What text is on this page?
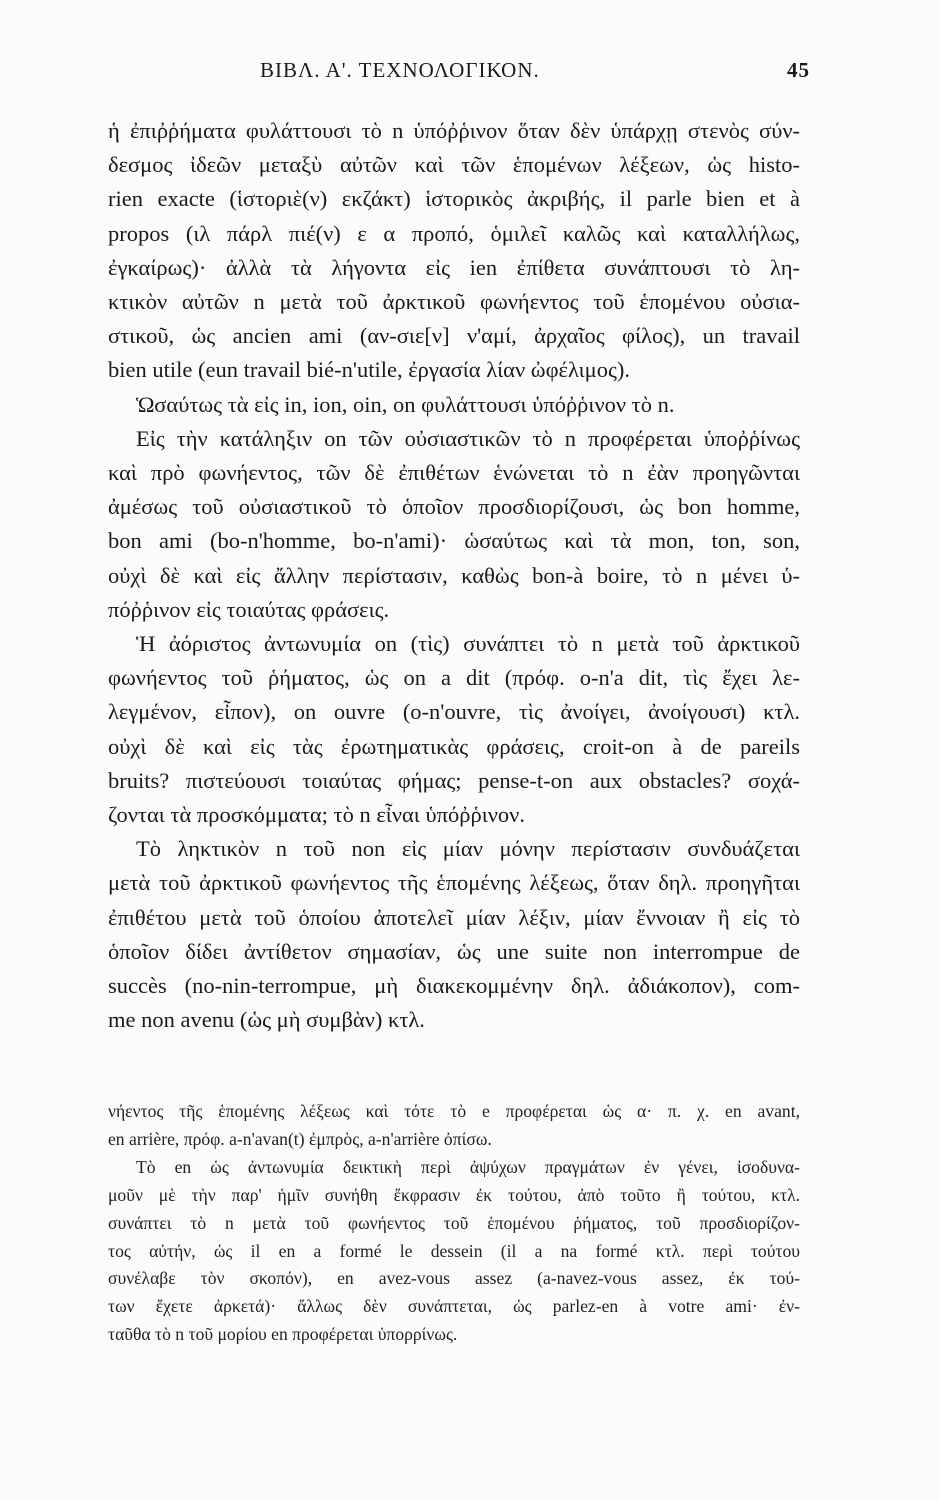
ΒΙΒΛ. Α'. ΤΕΧΝΟΛΟΓΙΚΟΝ.	45
ἡ ἐπιῤῥήματα φυλάττουσι τὸ n ὑπόῤῥινον ὅταν δὲν ὑπάρχῃ στενὸς σύν-
δεσμος ἰδεῶν μεταξὺ αὐτῶν καὶ τῶν ἑπομένων λέξεων, ὡς histo-
rien exacte (ἱστοριὲ(ν) εκζάκτ) ἱστορικὸς ἀκριβής, il parle bien et à
propos (ιλ πάρλ πιέ(ν) ε α προπό, ὁμιλεῖ καλῶς καὶ καταλλήλως,
ἐγκαίρως)· ἀλλὰ τὰ λήγοντα εἰς ien ἐπίθετα συνάπτουσι τὸ λη-
κτικὸν αὐτῶν n μετὰ τοῦ ἀρκτικοῦ φωνήεντος τοῦ ἑπομένου οὐσια-
στικοῦ, ὡς ancien ami (αν-σιε[ν] ν'αμί, ἀρχαῖος φίλος), un travail
bien utile (eun travail bié-n'utile, ἐργασία λίαν ὠφέλιμος).
Ὡσαύτως τὰ εἰς in, ion, oin, on φυλάττουσι ὑπόῤῥινον τὸ n.
Εἰς τὴν κατάληξιν on τῶν οὐσιαστικῶν τὸ n προφέρεται ὑποῤῥίνως
καὶ πρὸ φωνήεντος, τῶν δὲ ἐπιθέτων ἑνώνεται τὸ n ἐὰν προηγῶνται
ἀμέσως τοῦ οὐσιαστικοῦ τὸ ὁποῖον προσδιορίζουσι, ὡς bon homme,
bon ami (bo-n'homme, bo-n'ami)· ὡσαύτως καὶ τὰ mon, ton, son,
οὐχὶ δὲ καὶ εἰς ἄλλην περίστασιν, καθὼς bon-à boire, τὸ n μένει ὑ-
πόῤῥινον εἰς τοιαύτας φράσεις.
Ἡ ἀόριστος ἀντωνυμία on (τὶς) συνάπτει τὸ n μετὰ τοῦ ἀρκτικοῦ
φωνήεντος τοῦ ῥήματος, ὡς on a dit (πρόφ. o-n'a dit, τὶς ἔχει λε-
λεγμένον, εἶπον), on ouvre (o-n'ouvre, τὶς ἀνοίγει, ἀνοίγουσι) κτλ.
οὐχὶ δὲ καὶ εἰς τὰς ἐρωτηματικὰς φράσεις, croit-on à de pareils
bruits? πιστεύουσι τοιαύτας φήμας; pense-t-on aux obstacles? σοχά-
ζονται τὰ προσκόμματα; τὸ n εἶναι ὑπόῤῥινον.
Τὸ ληκτικὸν n τοῦ non εἰς μίαν μόνην περίστασιν συνδυάζεται
μετὰ τοῦ ἀρκτικοῦ φωνήεντος τῆς ἑπομένης λέξεως, ὅταν δηλ. προηγῆται
ἐπιθέτου μετὰ τοῦ ὁποίου ἀποτελεῖ μίαν λέξιν, μίαν ἔννοιαν ἢ εἰς τὸ
ὁποῖον δίδει ἀντίθετον σημασίαν, ὡς une suite non interrompue de
succès (no-nin-terrompue, μὴ διακεκομμένην δηλ. ἀδιάκοπον), com-
me non avenu (ὡς μὴ συμβὰν) κτλ.
νήεντος τῆς ἑπομένης λέξεως καὶ τότε τὸ e προφέρεται ὡς α· π. χ. en avant,
en arrière, πρόφ. a-n'avan(t) ἐμπρὸς, a-n'arrière ὀπίσω.
Τὸ en ὡς ἀντωνυμία δεικτικὴ περὶ ἀψύχων πραγμάτων ἐν γένει, ἰσοδυνα-
μοῦν μὲ τὴν παρ' ἡμῖν συνήθη ἔκφρασιν ἐκ τούτου, ἀπὸ τοῦτο ἢ τούτου, κτλ.
συνάπτει τὸ n μετὰ τοῦ φωνήεντος τοῦ ἑπομένου ῥήματος, τοῦ προσδιορίζον-
τος αὐτήν, ὡς il en a formé le dessein (il a na formé κτλ. περὶ τούτου
συνέλαβε τὸν σκοπόν), en avez-vous assez (a-navez-vous assez, ἐκ τού-
των ἔχετε ἀρκετά)· ἄλλως δὲν συνάπτεται, ὡς parlez-en à votre ami· ἐν-
ταῦθα τὸ n τοῦ μορίου en προφέρεται ὑπορρίνως.
